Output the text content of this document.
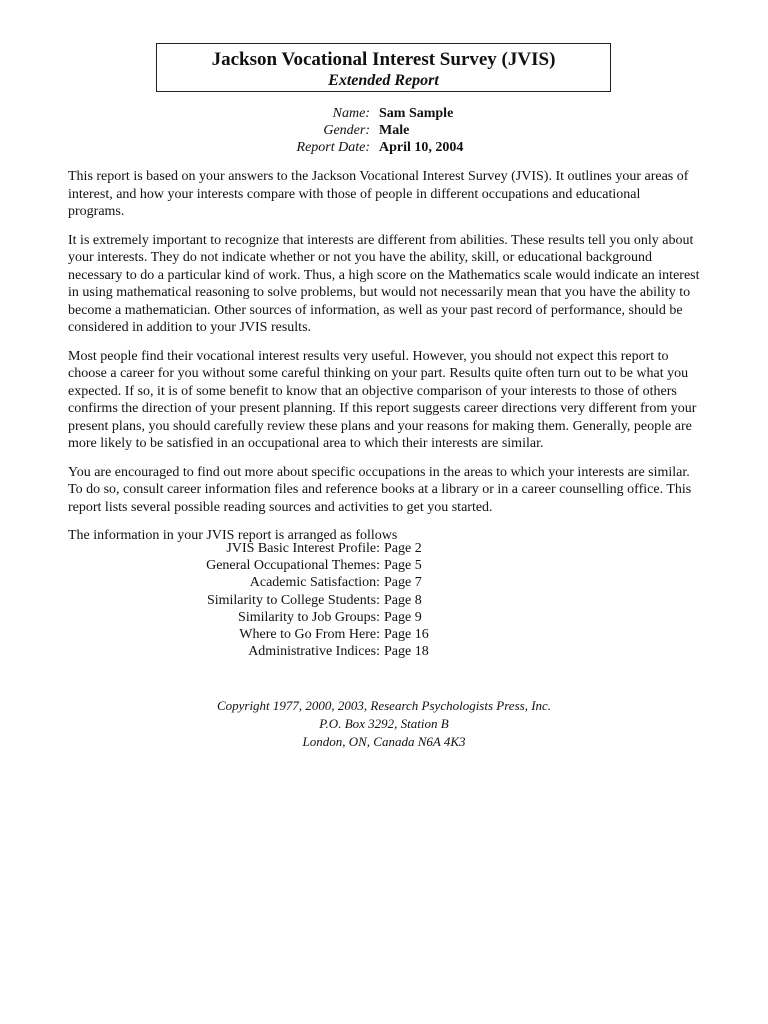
Jackson Vocational Interest Survey (JVIS)
Extended Report
Name: Sam Sample
Gender: Male
Report Date: April 10, 2004

This report is based on your answers to the Jackson Vocational Interest Survey (JVIS). It outlines your areas of interest, and how your interests compare with those of people in different occupations and educational programs.

It is extremely important to recognize that interests are different from abilities. These results tell you only about your interests. They do not indicate whether or not you have the ability, skill, or educational background necessary to do a particular kind of work. Thus, a high score on the Mathematics scale would indicate an interest in using mathematical reasoning to solve problems, but would not necessarily mean that you have the ability to become a mathematician. Other sources of information, as well as your past record of performance, should be considered in addition to your JVIS results.

Most people find their vocational interest results very useful. However, you should not expect this report to choose a career for you without some careful thinking on your part. Results quite often turn out to be what you expected. If so, it is of some benefit to know that an objective comparison of your interests to those of others confirms the direction of your present planning. If this report suggests career directions very different from your present plans, you should carefully review these plans and your reasons for making them. Generally, people are more likely to be satisfied in an occupational area to which their interests are similar.

You are encouraged to find out more about specific occupations in the areas to which your interests are similar. To do so, consult career information files and reference books at a library or in a career counselling office. This report lists several possible reading sources and activities to get you started.

The information in your JVIS report is arranged as follows

JVIS Basic Interest Profile: Page 2
General Occupational Themes: Page 5
Academic Satisfaction: Page 7
Similarity to College Students: Page 8
Similarity to Job Groups: Page 9
Where to Go From Here: Page 16
Administrative Indices: Page 18
Copyright 1977, 2000, 2003, Research Psychologists Press, Inc.
P.O. Box 3292, Station B
London, ON, Canada N6A 4K3
